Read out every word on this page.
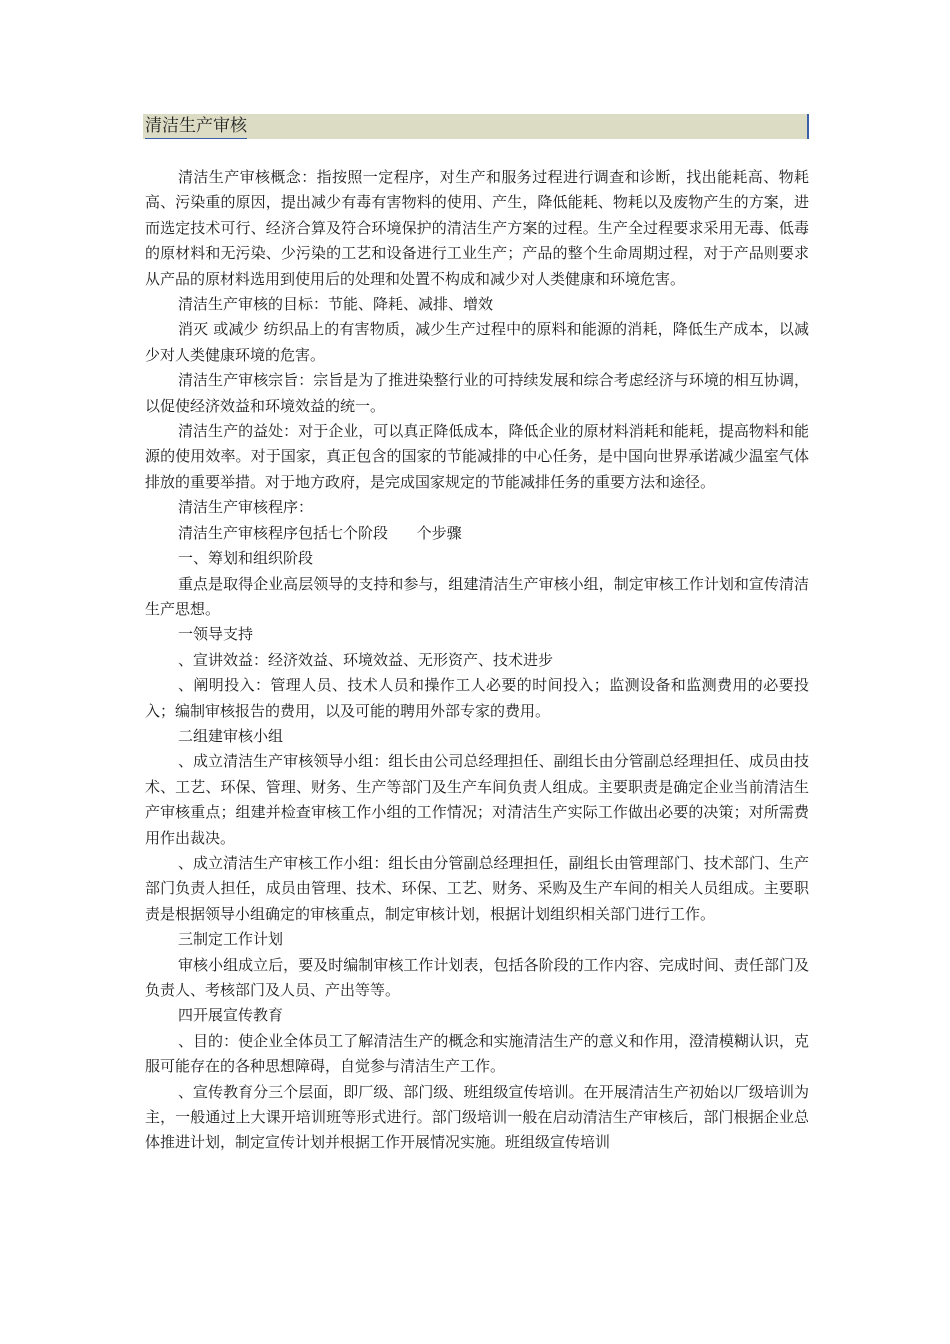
清洁生产审核

清洁生产审核概念：指按照一定程序，对生产和服务过程进行调查和诊断，找出能耗高、物耗高、污染重的原因，提出减少有毒有害物料的使用、产生，降低能耗、物耗以及废物产生的方案，进而选定技术可行、经济合算及符合环境保护的清洁生产方案的过程。生产全过程要求采用无毒、低毒的原材料和无污染、少污染的工艺和设备进行工业生产；产品的整个生命周期过程，对于产品则要求从产品的原材料选用到使用后的处理和处置不构成和减少对人类健康和环境危害。

清洁生产审核的目标：节能、降耗、减排、增效

消灭 或减少 纺织品上的有害物质，减少生产过程中的原料和能源的消耗，降低生产成本，以减少对人类健康环境的危害。

清洁生产审核宗旨：宗旨是为了推进染整行业的可持续发展和综合考虑经济与环境的相互协调，以促使经济效益和环境效益的统一。

清洁生产的益处：对于企业，可以真正降低成本，降低企业的原材料消耗和能耗，提高物料和能源的使用效率。对于国家，真正包含的国家的节能减排的中心任务，是中国向世界承诺减少温室气体排放的重要举措。对于地方政府，是完成国家规定的节能减排任务的重要方法和途径。

清洁生产审核程序：

清洁生产审核程序包括七个阶段      个步骤

一、筹划和组织阶段

重点是取得企业高层领导的支持和参与，组建清洁生产审核小组，制定审核工作计划和宣传清洁生产思想。

一领导支持

、宣讲效益：经济效益、环境效益、无形资产、技术进步

、阐明投入：管理人员、技术人员和操作工人必要的时间投入；监测设备和监测费用的必要投入；编制审核报告的费用，以及可能的聘用外部专家的费用。

二组建审核小组

、成立清洁生产审核领导小组：组长由公司总经理担任、副组长由分管副总经理担任、成员由技术、工艺、环保、管理、财务、生产等部门及生产车间负责人组成。主要职责是确定企业当前清洁生产审核重点；组建并检查审核工作小组的工作情况；对清洁生产实际工作做出必要的决策；对所需费用作出裁决。

、成立清洁生产审核工作小组：组长由分管副总经理担任，副组长由管理部门、技术部门、生产部门负责人担任，成员由管理、技术、环保、工艺、财务、采购及生产车间的相关人员组成。主要职责是根据领导小组确定的审核重点，制定审核计划，根据计划组织相关部门进行工作。

三制定工作计划

审核小组成立后，要及时编制审核工作计划表，包括各阶段的工作内容、完成时间、责任部门及负责人、考核部门及人员、产出等等。

四开展宣传教育

、目的：使企业全体员工了解清洁生产的概念和实施清洁生产的意义和作用，澄清模糊认识，克服可能存在的各种思想障碍，自觉参与清洁生产工作。

、宣传教育分三个层面，即厂级、部门级、班组级宣传培训。在开展清洁生产初始以厂级培训为主，一般通过上大课开培训班等形式进行。部门级培训一般在启动清洁生产审核后，部门根据企业总体推进计划，制定宣传计划并根据工作开展情况实施。班组级宣传培训
